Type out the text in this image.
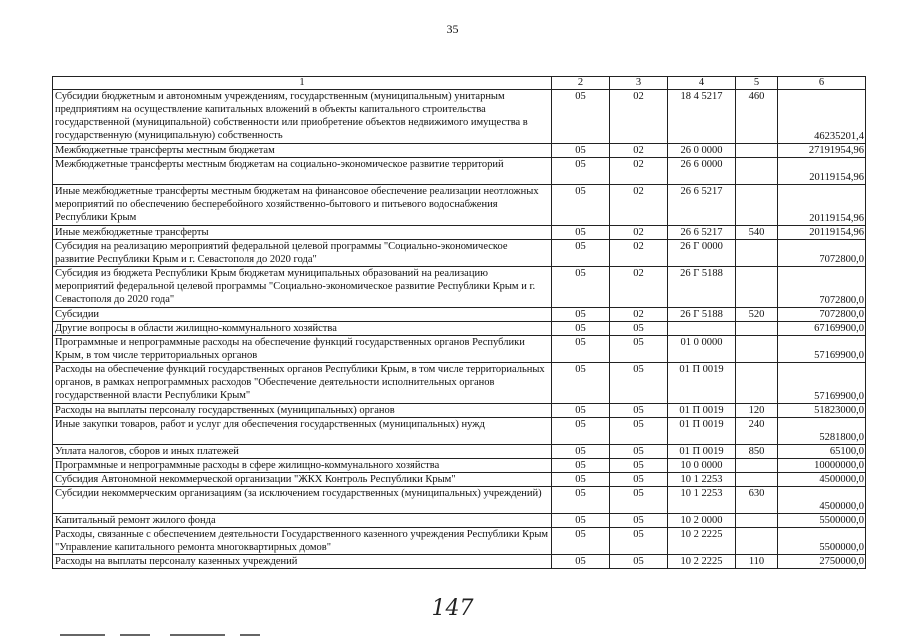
35
1	2	3	4	5	6
Субсидии бюджетным и автономным учреждениям, государственным (муниципальным) унитарным предприятиям на осуществление капитальных вложений в объекты капитального строительства государственной (муниципальной) собственности или приобретение объектов недвижимого имущества в государственную (муниципальную) собственность	05	02	18 4 5217	460	46235201,4
Межбюджетные трансферты местным бюджетам	05	02	26 0 0000		27191954,96
Межбюджетные трансферты местным бюджетам на социально-экономическое развитие территорий	05	02	26 6 0000		20119154,96
Иные межбюджетные трансферты местным бюджетам на финансовое обеспечение реализации неотложных мероприятий по обеспечению бесперебойного хозяйственно-бытового и питьевого водоснабжения Республики Крым	05	02	26 6 5217		20119154,96
Иные межбюджетные трансферты	05	02	26 6 5217	540	20119154,96
Субсидия на реализацию мероприятий федеральной целевой программы "Социально-экономическое развитие Республики Крым и г. Севастополя до 2020 года"	05	02	26 Г 0000		7072800,0
Субсидия из бюджета Республики Крым бюджетам муниципальных образований на реализацию мероприятий федеральной целевой программы "Социально-экономическое развитие Республики Крым и г. Севастополя до 2020 года"	05	02	26 Г 5188		7072800,0
Субсидии	05	02	26 Г 5188	520	7072800,0
Другие вопросы в области жилищно-коммунального хозяйства	05	05			67169900,0
Программные и непрограммные расходы на обеспечение функций государственных органов Республики Крым, в том числе территориальных органов	05	05	01 0 0000		57169900,0
Расходы на обеспечение функций государственных органов Республики Крым, в том числе территориальных органов, в рамках непрограммных расходов "Обеспечение деятельности исполнительных органов государственной власти Республики Крым"	05	05	01 П 0019		57169900,0
Расходы на выплаты персоналу государственных (муниципальных) органов	05	05	01 П 0019	120	51823000,0
Иные закупки товаров, работ и услуг для обеспечения государственных (муниципальных) нужд	05	05	01 П 0019	240	5281800,0
Уплата налогов, сборов и иных платежей	05	05	01 П 0019	850	65100,0
Программные и непрограммные расходы в сфере жилищно-коммунального хозяйства	05	05	10 0 0000		10000000,0
Субсидия Автономной некоммерческой организации "ЖКХ Контроль Республики Крым"	05	05	10 1 2253		4500000,0
Субсидии некоммерческим организациям (за исключением государственных (муниципальных) учреждений)	05	05	10 1 2253	630	4500000,0
Капитальный ремонт жилого фонда	05	05	10 2 0000		5500000,0
Расходы, связанные с обеспечением деятельности Государственного казенного учреждения Республики Крым "Управление капитального ремонта многоквартирных домов"	05	05	10 2 2225		5500000,0
Расходы на выплаты персоналу казенных учреждений	05	05	10 2 2225	110	2750000,0
147
